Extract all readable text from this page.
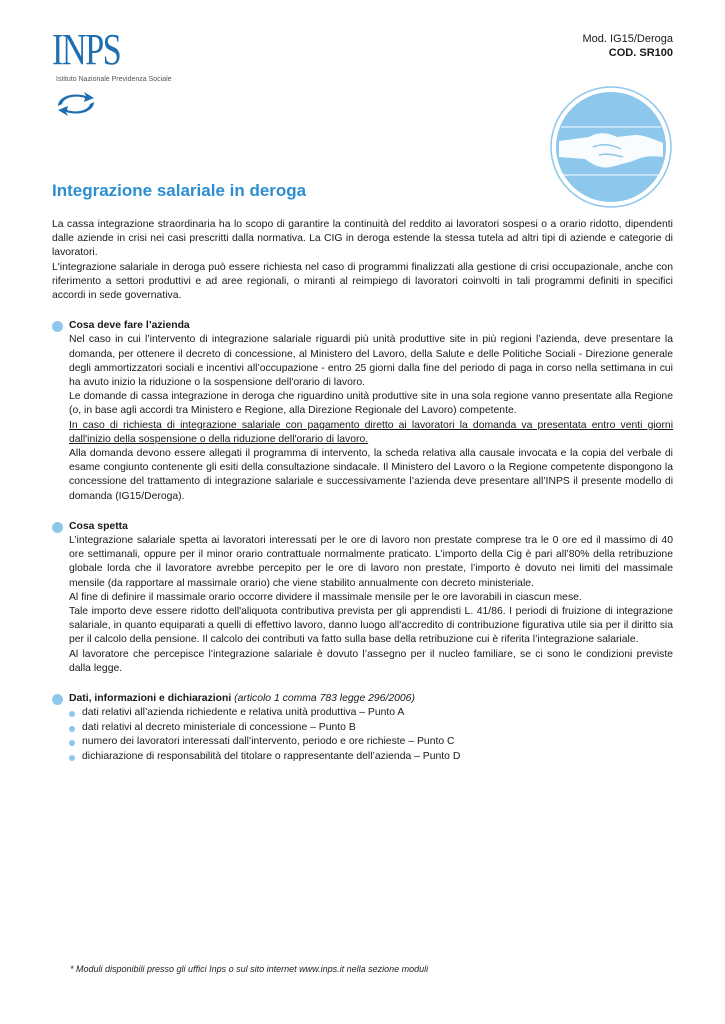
INPS
Istituto Nazionale Previdenza Sociale
Mod. IG15/Deroga
COD. SR100
Integrazione salariale in deroga

La cassa integrazione straordinaria ha lo scopo di garantire la continuità del reddito ai lavoratori sospesi o a orario ridotto, dipendenti dalle aziende in crisi nei casi prescritti dalla normativa. La CIG in deroga estende la stessa tutela ad altri tipi di aziende e categorie di lavoratori.

L'integrazione salariale in deroga può essere richiesta nel caso di programmi finalizzati alla gestione di crisi occupazionale, anche con riferimento a settori produttivi e ad aree regionali, o miranti al reimpiego di lavoratori coinvolti in tali programmi definiti in specifici accordi in sede governativa.

Cosa deve fare l’azienda

Nel caso in cui l’intervento di integrazione salariale riguardi più unità produttive site in più regioni l’azienda, deve presentare la domanda, per ottenere il decreto di concessione, al Ministero del Lavoro, della Salute e delle Politiche Sociali - Direzione generale degli ammortizzatori sociali e incentivi all’occupazione - entro 25 giorni dalla fine del periodo di paga in corso nella settimana in cui ha avuto inizio la riduzione o la sospensione dell'orario di lavoro.

Le domande di cassa integrazione in deroga che riguardino unità produttive site in una sola regione vanno presentate alla Regione (o, in base agli accordi tra Ministero e Regione, alla Direzione Regionale del Lavoro) competente.

In caso di richiesta di integrazione salariale con pagamento diretto ai lavoratori la domanda va presentata entro venti giorni dall'inizio della sospensione o della riduzione dell'orario di lavoro.

Alla domanda devono essere allegati il programma di intervento, la scheda relativa alla causale invocata e la copia del verbale di esame congiunto contenente gli esiti della consultazione sindacale. Il Ministero del Lavoro o la Regione competente dispongono la concessione del trattamento di integrazione salariale e successivamente l’azienda deve presentare all’INPS il presente modello di domanda (IG15/Deroga).

Cosa spetta

L’integrazione salariale spetta ai lavoratori interessati per le ore di lavoro non prestate comprese tra le 0 ore ed il massimo di 40 ore settimanali, oppure per il minor orario contrattuale normalmente praticato. L’importo della Cig è pari all’80% della retribuzione globale lorda che il lavoratore avrebbe percepito per le ore di lavoro non prestate, l’importo è dovuto nei limiti del massimale mensile (da rapportare al massimale orario) che viene stabilito annualmente con decreto ministeriale.

Al fine di definire il massimale orario occorre dividere il massimale mensile per le ore lavorabili in ciascun mese.

Tale importo deve essere ridotto dell'aliquota contributiva prevista per gli apprendisti L. 41/86. I periodi di fruizione di integrazione salariale, in quanto equiparati a quelli di effettivo lavoro, danno luogo all'accredito di contribuzione figurativa utile sia per il diritto sia per il calcolo della pensione. Il calcolo dei contributi va fatto sulla base della retribuzione cui è riferita l’integrazione salariale.

Al lavoratore che percepisce l’integrazione salariale è dovuto l’assegno per il nucleo familiare, se ci sono le condizioni previste dalla legge.

Dati, informazioni e dichiarazioni (articolo 1 comma 783 legge 296/2006)
dati relativi all’azienda richiedente e relativa unità produttiva – Punto A
dati relativi al decreto ministeriale di concessione – Punto B
numero dei lavoratori interessati dall’intervento, periodo e ore richieste – Punto C
dichiarazione di responsabilità del titolare o rappresentante dell’azienda – Punto D
* Moduli disponibili presso gli uffici Inps o sul sito internet www.inps.it nella sezione moduli
